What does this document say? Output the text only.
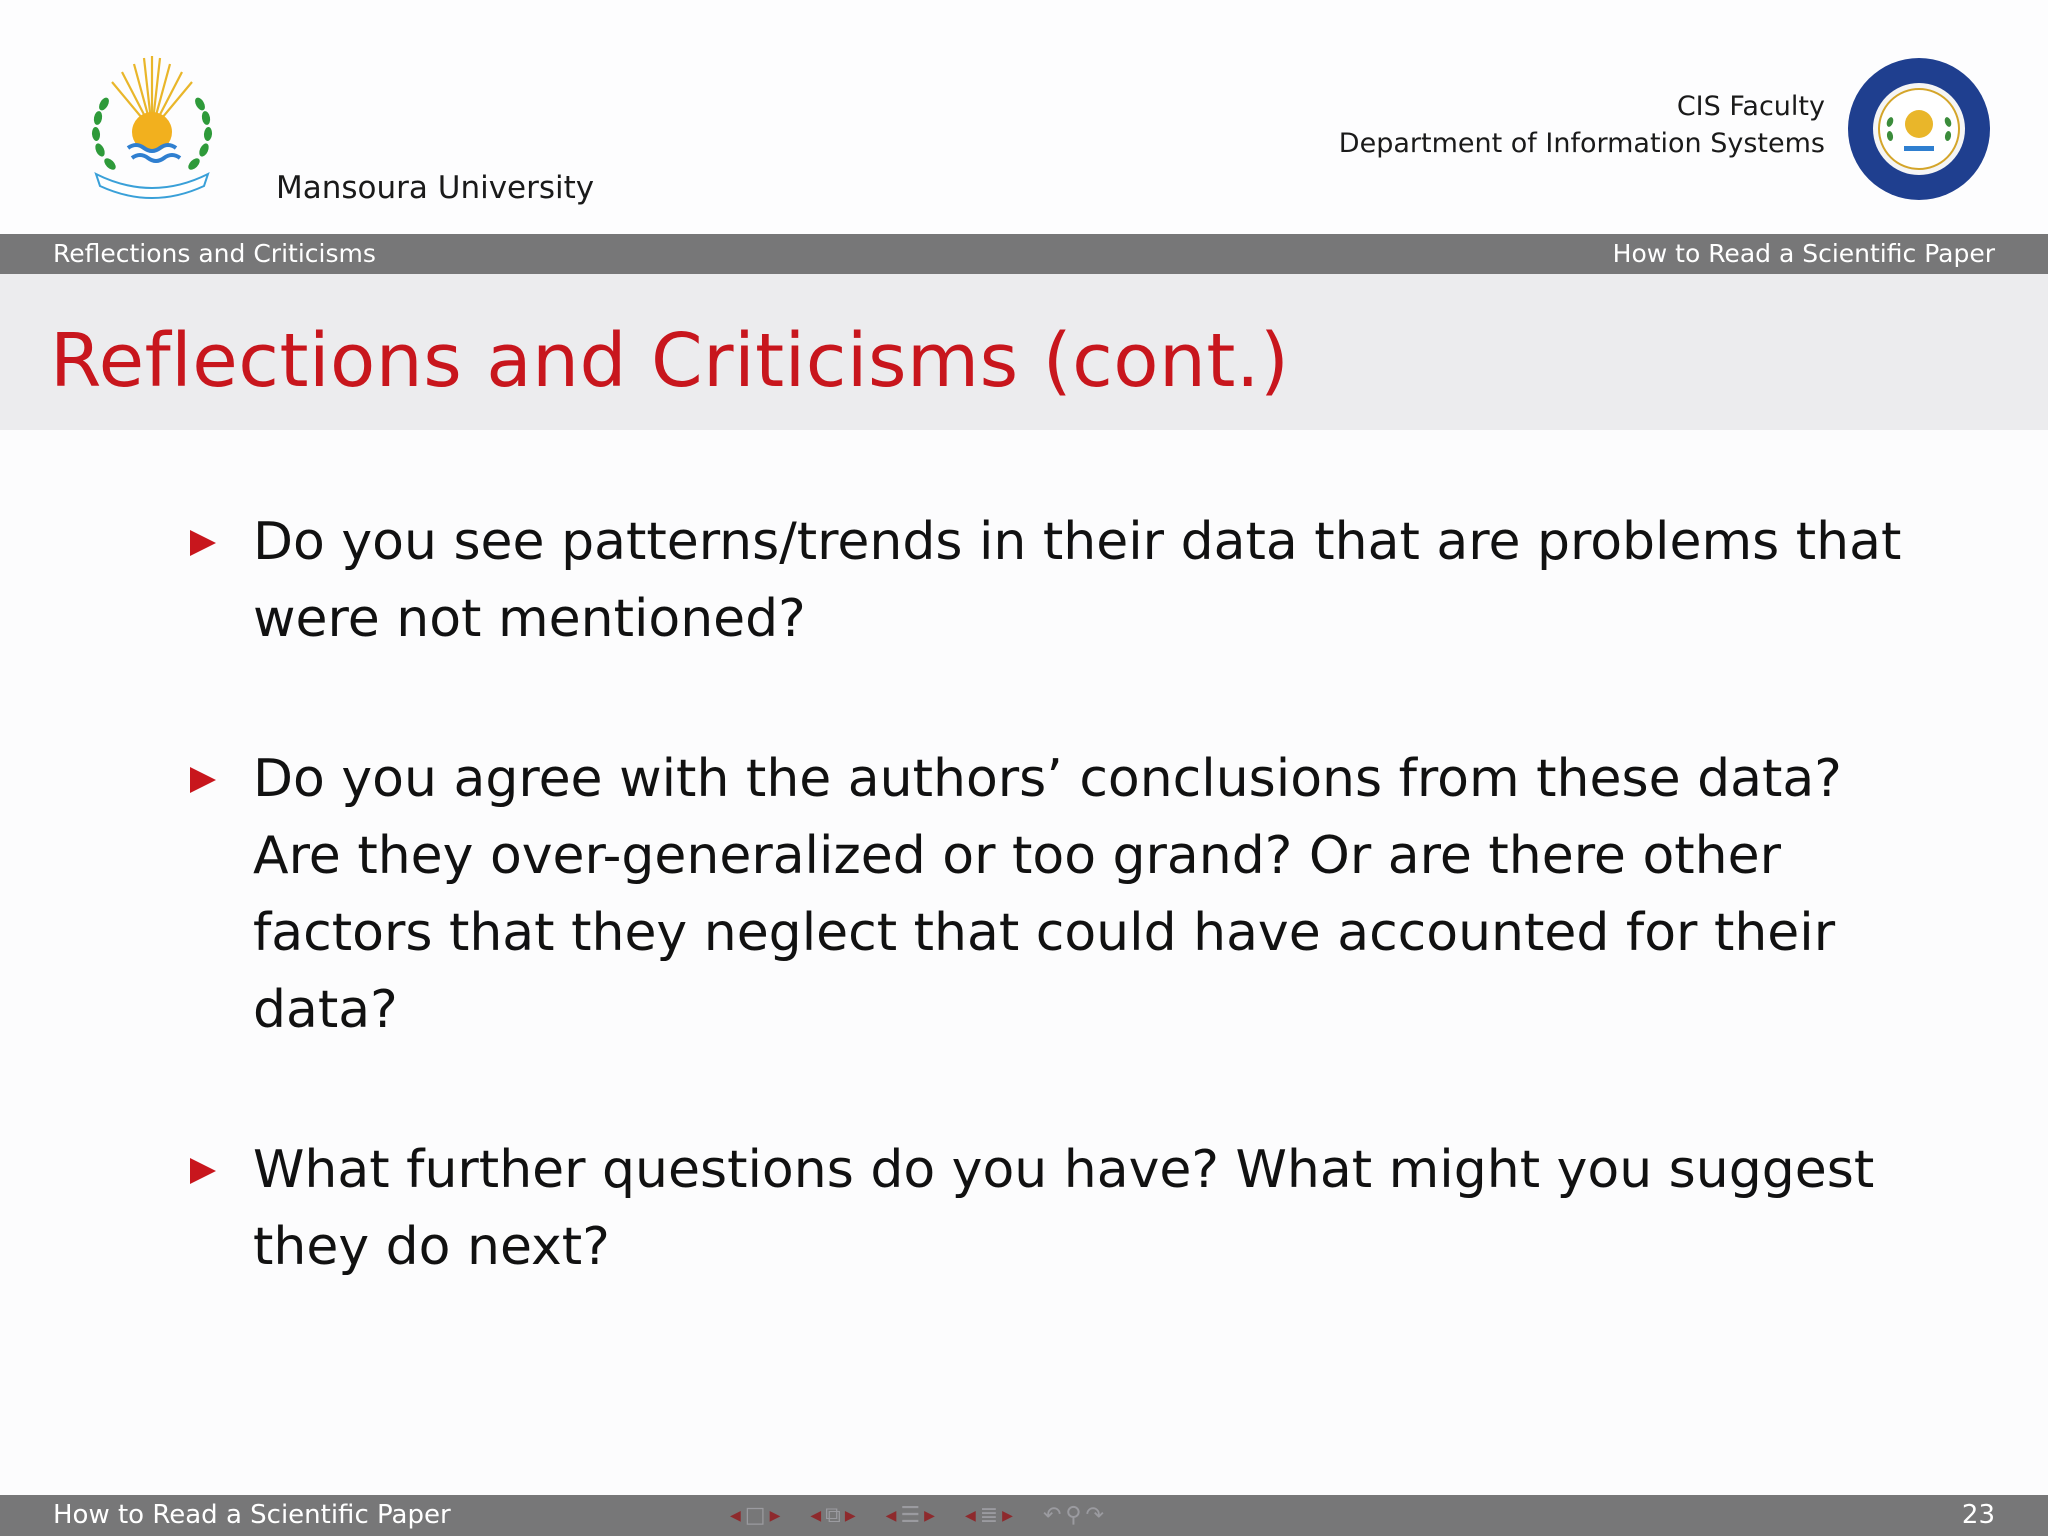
Mansoura University
CIS Faculty
Department of Information Systems
Reflections and Criticisms	How to Read a Scientific Paper
Reflections and Criticisms (cont.)
Do you see patterns/trends in their data that are problems that
were not mentioned?
Do you agree with the authors’ conclusions from these data?
Are they over-generalized or too grand? Or are there other
factors that they neglect that could have accounted for their
data?
What further questions do you have? What might you suggest
they do next?
How to Read a Scientific Paper	◀ □ ▶ ◀ ⧉ ▶ ◀ ☰ ▶ ◀ ≣ ▶ ↶ ⚲ ↷	23
